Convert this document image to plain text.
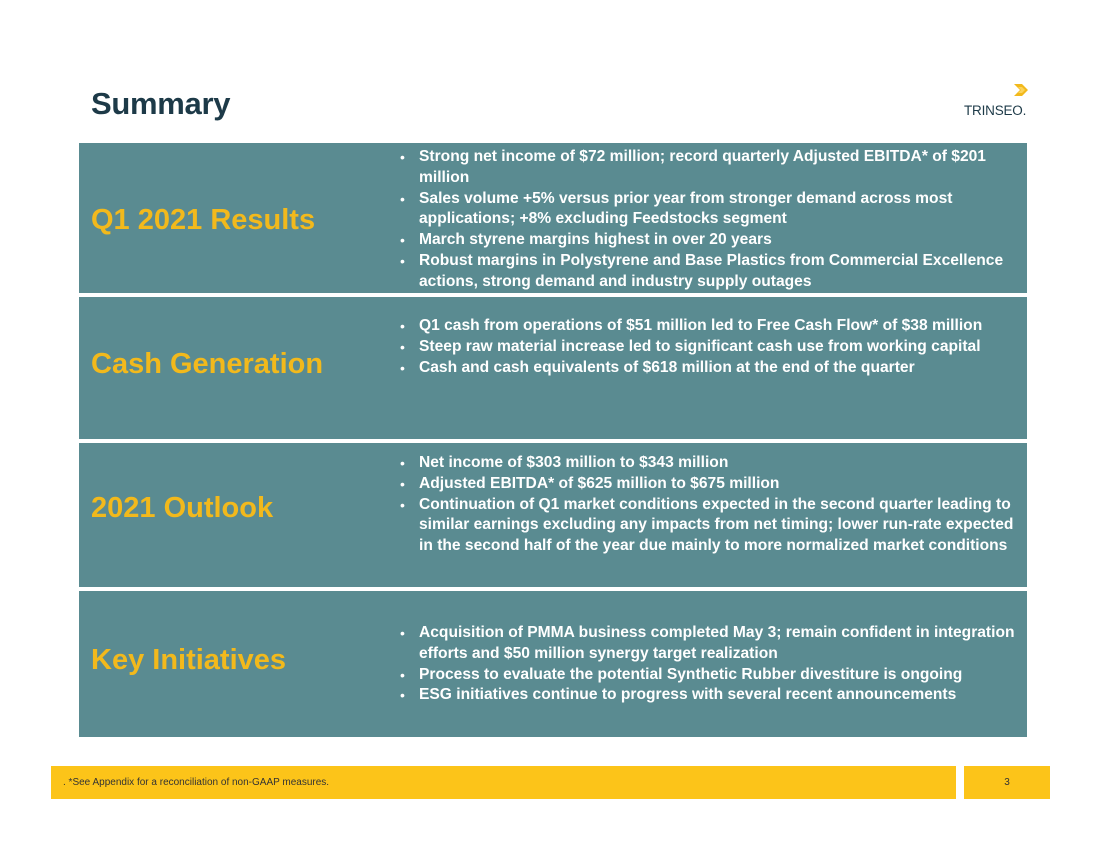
Summary	TRINSEO.
Q1 2021 Results
• Strong net income of $72 million; record quarterly Adjusted EBITDA* of $201 million
• Sales volume +5% versus prior year from stronger demand across most applications; +8% excluding Feedstocks segment
• March styrene margins highest in over 20 years
• Robust margins in Polystyrene and Base Plastics from Commercial Excellence actions, strong demand and industry supply outages
Cash Generation
• Q1 cash from operations of $51 million led to Free Cash Flow* of $38 million
• Steep raw material increase led to significant cash use from working capital
• Cash and cash equivalents of $618 million at the end of the quarter
2021 Outlook
• Net income of $303 million to $343 million
• Adjusted EBITDA* of $625 million to $675 million
• Continuation of Q1 market conditions expected in the second quarter leading to similar earnings excluding any impacts from net timing; lower run-rate expected in the second half of the year due mainly to more normalized market conditions
Key Initiatives
• Acquisition of PMMA business completed May 3; remain confident in integration efforts and $50 million synergy target realization
• Process to evaluate the potential Synthetic Rubber divestiture is ongoing
• ESG initiatives continue to progress with several recent announcements
. *See Appendix for a reconciliation of non-GAAP measures.	3
